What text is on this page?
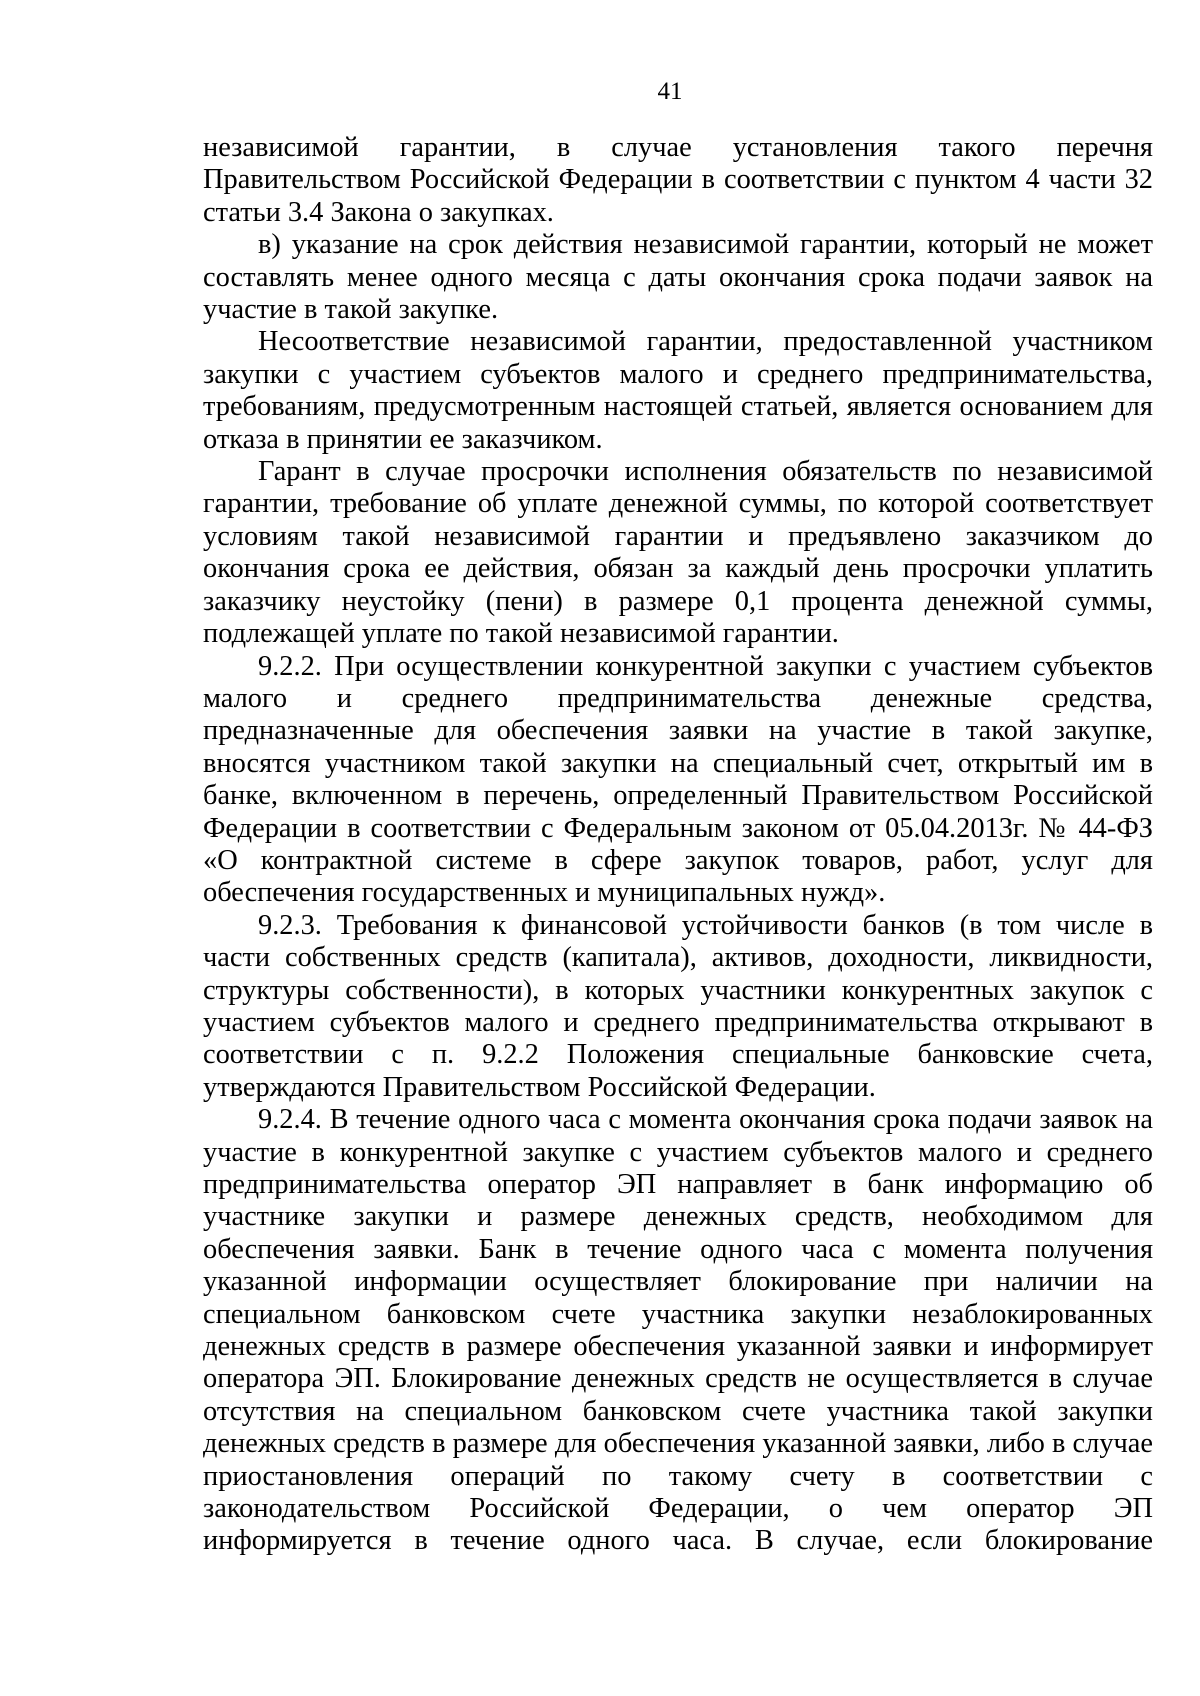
41

независимой гарантии, в случае установления такого перечня Правительством Российской Федерации в соответствии с пунктом 4 части 32 статьи 3.4 Закона о закупках.

в) указание на срок действия независимой гарантии, который не может составлять менее одного месяца с даты окончания срока подачи заявок на участие в такой закупке.

Несоответствие независимой гарантии, предоставленной участником закупки с участием субъектов малого и среднего предпринимательства, требованиям, предусмотренным настоящей статьей, является основанием для отказа в принятии ее заказчиком.

Гарант в случае просрочки исполнения обязательств по независимой гарантии, требование об уплате денежной суммы, по которой соответствует условиям такой независимой гарантии и предъявлено заказчиком до окончания срока ее действия, обязан за каждый день просрочки уплатить заказчику неустойку (пени) в размере 0,1 процента денежной суммы, подлежащей уплате по такой независимой гарантии.

9.2.2. При осуществлении конкурентной закупки с участием субъектов малого и среднего предпринимательства денежные средства, предназначенные для обеспечения заявки на участие в такой закупке, вносятся участником такой закупки на специальный счет, открытый им в банке, включенном в перечень, определенный Правительством Российской Федерации в соответствии с Федеральным законом от 05.04.2013г. № 44-ФЗ «О контрактной системе в сфере закупок товаров, работ, услуг для обеспечения государственных и муниципальных нужд».

9.2.3. Требования к финансовой устойчивости банков (в том числе в части собственных средств (капитала), активов, доходности, ликвидности, структуры собственности), в которых участники конкурентных закупок с участием субъектов малого и среднего предпринимательства открывают в соответствии с п. 9.2.2 Положения специальные банковские счета, утверждаются Правительством Российской Федерации.

9.2.4. В течение одного часа с момента окончания срока подачи заявок на участие в конкурентной закупке с участием субъектов малого и среднего предпринимательства оператор ЭП направляет в банк информацию об участнике закупки и размере денежных средств, необходимом для обеспечения заявки. Банк в течение одного часа с момента получения указанной информации осуществляет блокирование при наличии на специальном банковском счете участника закупки незаблокированных денежных средств в размере обеспечения указанной заявки и информирует оператора ЭП. Блокирование денежных средств не осуществляется в случае отсутствия на специальном банковском счете участника такой закупки денежных средств в размере для обеспечения указанной заявки, либо в случае приостановления операций по такому счету в соответствии с законодательством Российской Федерации, о чем оператор ЭП информируется в течение одного часа. В случае, если блокирование
